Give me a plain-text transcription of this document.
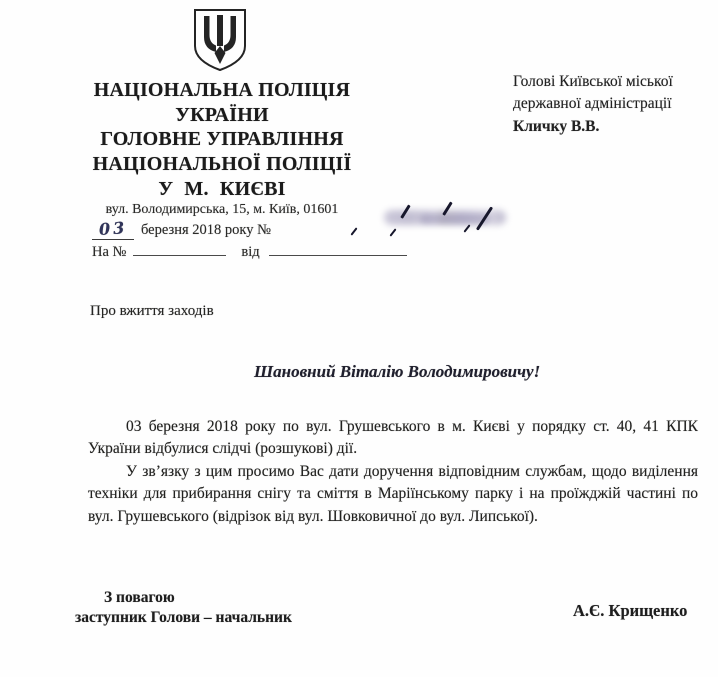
НАЦІОНАЛЬНА ПОЛІЦІЯ
УКРАЇНИ
ГОЛОВНЕ УПРАВЛІННЯ
НАЦІОНАЛЬНОЇ ПОЛІЦІЇ
У М. КИЄВІ
вул. Володимирська, 15, м. Київ, 01601
03 березня 2018 року №
На №	від
Голові Київської міської
державної адміністрації
Кличку В.В.
Про вжиття заходів
Шановний Віталію Володимировичу!

03 березня 2018 року по вул. Грушевського в м. Києві у порядку ст. 40, 41 КПК України відбулися слідчі (розшукові) дії.

У зв’язку з цим просимо Вас дати доручення відповідним службам, щодо виділення техніки для прибирання снігу та сміття в Маріїнському парку і на проїжджій частині по вул. Грушевського (відрізок від вул. Шовковичної до вул. Липської).

З повагою
заступник Голови – начальник	А.Є. Крищенко
